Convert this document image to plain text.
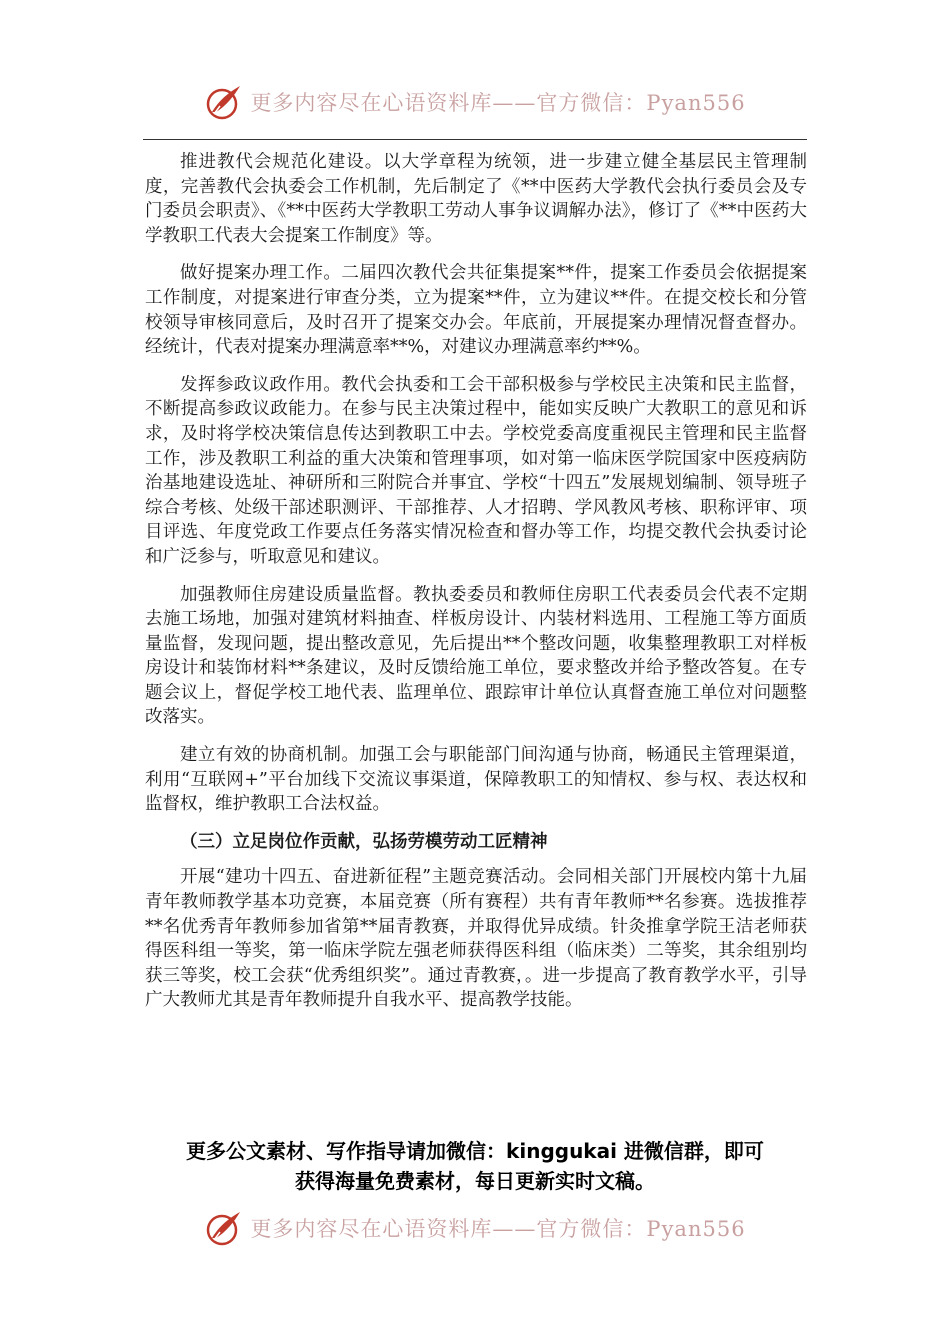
更多内容尽在心语资料库——官方微信：Pyan556

推进教代会规范化建设。以大学章程为统领，进一步建立健全基层民主管理制度，完善教代会执委会工作机制，先后制定了《**中医药大学教代会执行委员会及专门委员会职责》、《**中医药大学教职工劳动人事争议调解办法》，修订了《**中医药大学教职工代表大会提案工作制度》等。

做好提案办理工作。二届四次教代会共征集提案**件，提案工作委员会依据提案工作制度，对提案进行审查分类，立为提案**件，立为建议**件。在提交校长和分管校领导审核同意后，及时召开了提案交办会。年底前，开展提案办理情况督查督办。经统计，代表对提案办理满意率**%，对建议办理满意率约**%。

发挥参政议政作用。教代会执委和工会干部积极参与学校民主决策和民主监督，不断提高参政议政能力。在参与民主决策过程中，能如实反映广大教职工的意见和诉求，及时将学校决策信息传达到教职工中去。学校党委高度重视民主管理和民主监督工作，涉及教职工利益的重大决策和管理事项，如对第一临床医学院国家中医疫病防治基地建设选址、神研所和三附院合并事宜、学校“十四五”发展规划编制、领导班子综合考核、处级干部述职测评、干部推荐、人才招聘、学风教风考核、职称评审、项目评选、年度党政工作要点任务落实情况检查和督办等工作，均提交教代会执委讨论和广泛参与，听取意见和建议。

加强教师住房建设质量监督。教执委委员和教师住房职工代表委员会代表不定期去施工场地，加强对建筑材料抽查、样板房设计、内装材料选用、工程施工等方面质量监督，发现问题，提出整改意见，先后提出**个整改问题，收集整理教职工对样板房设计和装饰材料**条建议，及时反馈给施工单位，要求整改并给予整改答复。在专题会议上，督促学校工地代表、监理单位、跟踪审计单位认真督查施工单位对问题整改落实。

建立有效的协商机制。加强工会与职能部门间沟通与协商，畅通民主管理渠道，利用“互联网+”平台加线下交流议事渠道，保障教职工的知情权、参与权、表达权和监督权，维护教职工合法权益。

（三）立足岗位作贡献，弘扬劳模劳动工匠精神

开展“建功十四五、奋进新征程”主题竞赛活动。会同相关部门开展校内第十九届青年教师教学基本功竞赛，本届竞赛（所有赛程）共有青年教师**名参赛。选拔推荐**名优秀青年教师参加省第**届青教赛，并取得优异成绩。针灸推拿学院王洁老师获得医科组一等奖，第一临床学院左强老师获得医科组（临床类）二等奖，其余组别均获三等奖，校工会获“优秀组织奖”。通过青教赛，。进一步提高了教育教学水平，引导广大教师尤其是青年教师提升自我水平、提高教学技能。

更多公文素材、写作指导请加微信：kinggukai 进微信群，即可
获得海量免费素材，每日更新实时文稿。
更多内容尽在心语资料库——官方微信：Pyan556
